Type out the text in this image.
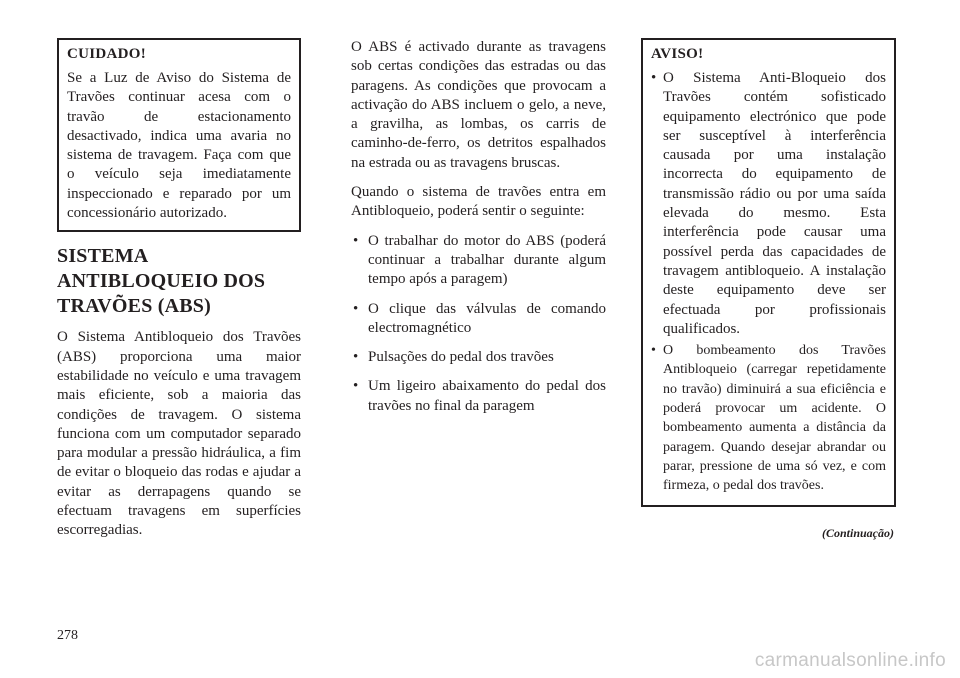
CUIDADO!

Se a Luz de Aviso do Sistema de Travões continuar acesa com o travão de estacionamento desactivado, indica uma avaria no sistema de travagem. Faça com que o veículo seja imediatamente inspeccionado e reparado por um concessionário autorizado.

SISTEMA ANTIBLOQUEIO DOS TRAVÕES (ABS)

O Sistema Antibloqueio dos Travões (ABS) proporciona uma maior estabilidade no veículo e uma travagem mais eficiente, sob a maioria das condições de travagem. O sistema funciona com um computador separado para modular a pressão hidráulica, a fim de evitar o bloqueio das rodas e ajudar a evitar as derrapagens quando se efectuam travagens em superfícies escorregadias.

O ABS é activado durante as travagens sob certas condições das estradas ou das paragens. As condições que provocam a activação do ABS incluem o gelo, a neve, a gravilha, as lombas, os carris de caminho-de-ferro, os detritos espalhados na estrada ou as travagens bruscas.

Quando o sistema de travões entra em Antibloqueio, poderá sentir o seguinte:

• O trabalhar do motor do ABS (poderá continuar a trabalhar durante algum tempo após a paragem)
• O clique das válvulas de comando electromagnético
• Pulsações do pedal dos travões
• Um ligeiro abaixamento do pedal dos travões no final da paragem
AVISO!
• O Sistema Anti-Bloqueio dos Travões contém sofisticado equipamento electrónico que pode ser susceptível à interferência causada por uma instalação incorrecta do equipamento de transmissão rádio ou por uma saída elevada do mesmo. Esta interferência pode causar uma possível perda das capacidades de travagem antibloqueio. A instalação deste equipamento deve ser efectuada por profissionais qualificados.
• O bombeamento dos Travões Antibloqueio (carregar repetidamente no travão) diminuirá a sua eficiência e poderá provocar um acidente. O bombeamento aumenta a distância da paragem. Quando desejar abrandar ou parar, pressione de uma só vez, e com firmeza, o pedal dos travões.
(Continuação)
278
carmanualsonline.info
